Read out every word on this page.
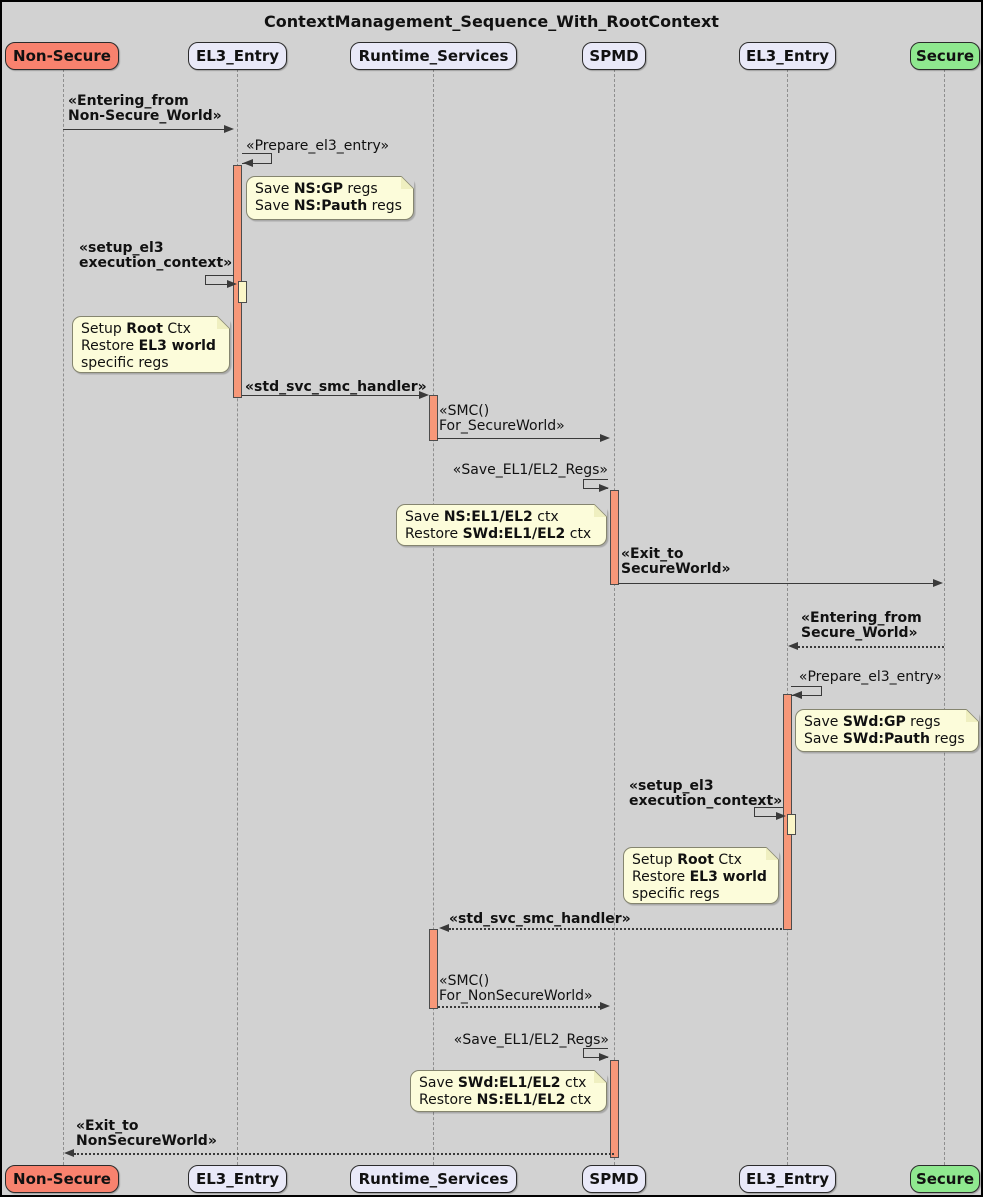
ContextManagement_Sequence_With_RootContext
Non-Secure	EL3_Entry	Runtime_Services	SPMD	EL3_Entry	Secure
Non-Secure	EL3_Entry	Runtime_Services	SPMD	EL3_Entry	Secure
«Entering_from
Non-Secure_World»
«Prepare_el3_entry»
Save NS:GP regs
Save NS:Pauth regs
«setup_el3
execution_context»
Setup Root Ctx
Restore EL3 world
specific regs
«std_svc_smc_handler»
«SMC()
For_SecureWorld»
«Save_EL1/EL2_Regs»
Save NS:EL1/EL2 ctx
Restore SWd:EL1/EL2 ctx
«Exit_to
SecureWorld»
«Entering_from
Secure_World»
«Prepare_el3_entry»
Save SWd:GP regs
Save SWd:Pauth regs
«setup_el3
execution_context»
Setup Root Ctx
Restore EL3 world
specific regs
«std_svc_smc_handler»
«SMC()
For_NonSecureWorld»
«Save_EL1/EL2_Regs»
Save SWd:EL1/EL2 ctx
Restore NS:EL1/EL2 ctx
«Exit_to
NonSecureWorld»
